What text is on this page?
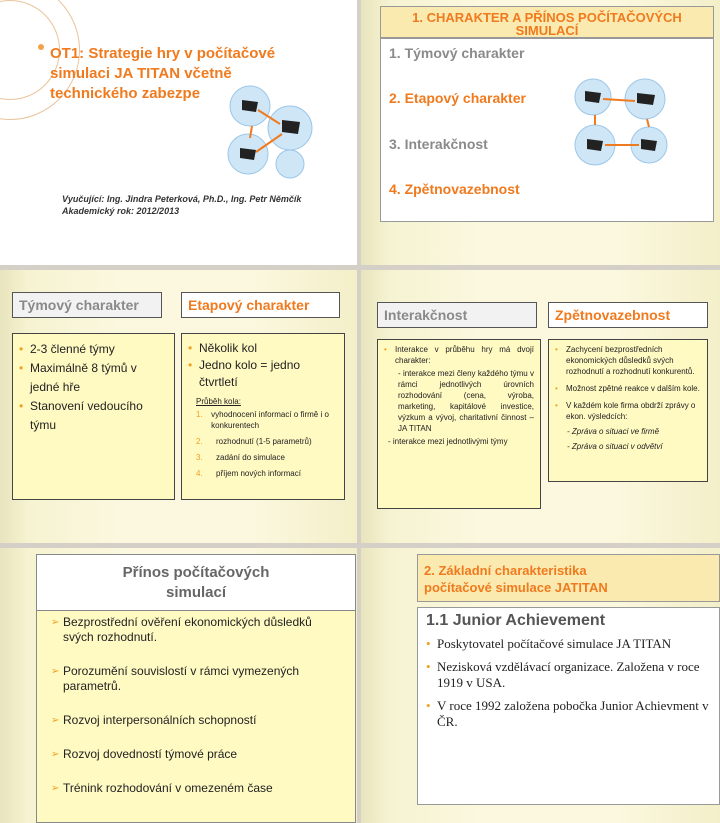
OT1: Strategie hry v počítačové simulaci JA TITAN včetně technického zabezpe
Vyučující: Ing. Jindra Peterková, Ph.D., Ing. Petr Němčík
Akademický rok: 2012/2013
1. CHARAKTER A PŘÍNOS POČÍTAČOVÝCH SIMULACÍ
1. Týmový charakter
2. Etapový charakter
3. Interakčnost
4. Zpětnovazebnost
Týmový charakter	Etapový charakter
• 2-3 členné týmy
• Maximálně 8 týmů v jedné hře
• Stanovení vedoucího týmu
• Několik kol
• Jedno kolo = jedno čtvrtletí
Průběh kola:
1.	vyhodnocení informací o firmě i o konkurentech
2.	rozhodnutí (1-5 parametrů)
3.	zadání do simulace
4.	příjem nových informací
Interakčnost	Zpětnovazebnost
• Interakce v průběhu hry má dvojí charakter:
- interakce mezi členy každého týmu v rámci jednotlivých úrovních rozhodování (cena, výroba, marketing, kapitálové investice, výzkum a vývoj, charitativní činnost – JA TITAN
- interakce mezi jednotlivými týmy
• Zachycení bezprostředních ekonomických důsledků svých rozhodnutí a rozhodnutí konkurentů.
• Možnost zpětné reakce v dalším kole.
• V každém kole firma obdrží zprávy o ekon. výsledcích:
- Zpráva o situaci ve firmě
- Zpráva o situaci v odvětví
Přínos počítačových
simulací
➢ Bezprostřední ověření ekonomických důsledků svých rozhodnutí.
➢ Porozumění souvislostí v rámci vymezených parametrů.
➢ Rozvoj interpersonálních schopností
➢ Rozvoj dovedností týmové práce
➢ Trénink rozhodování v omezeném čase
2. Základní charakteristika
počítačové simulace JATITAN
1.1 Junior Achievement
• Poskytovatel počítačové simulace JA TITAN
• Nezisková vzdělávací organizace. Založena v roce 1919 v USA.
• V roce 1992 založena pobočka Junior Achievment v ČR.
